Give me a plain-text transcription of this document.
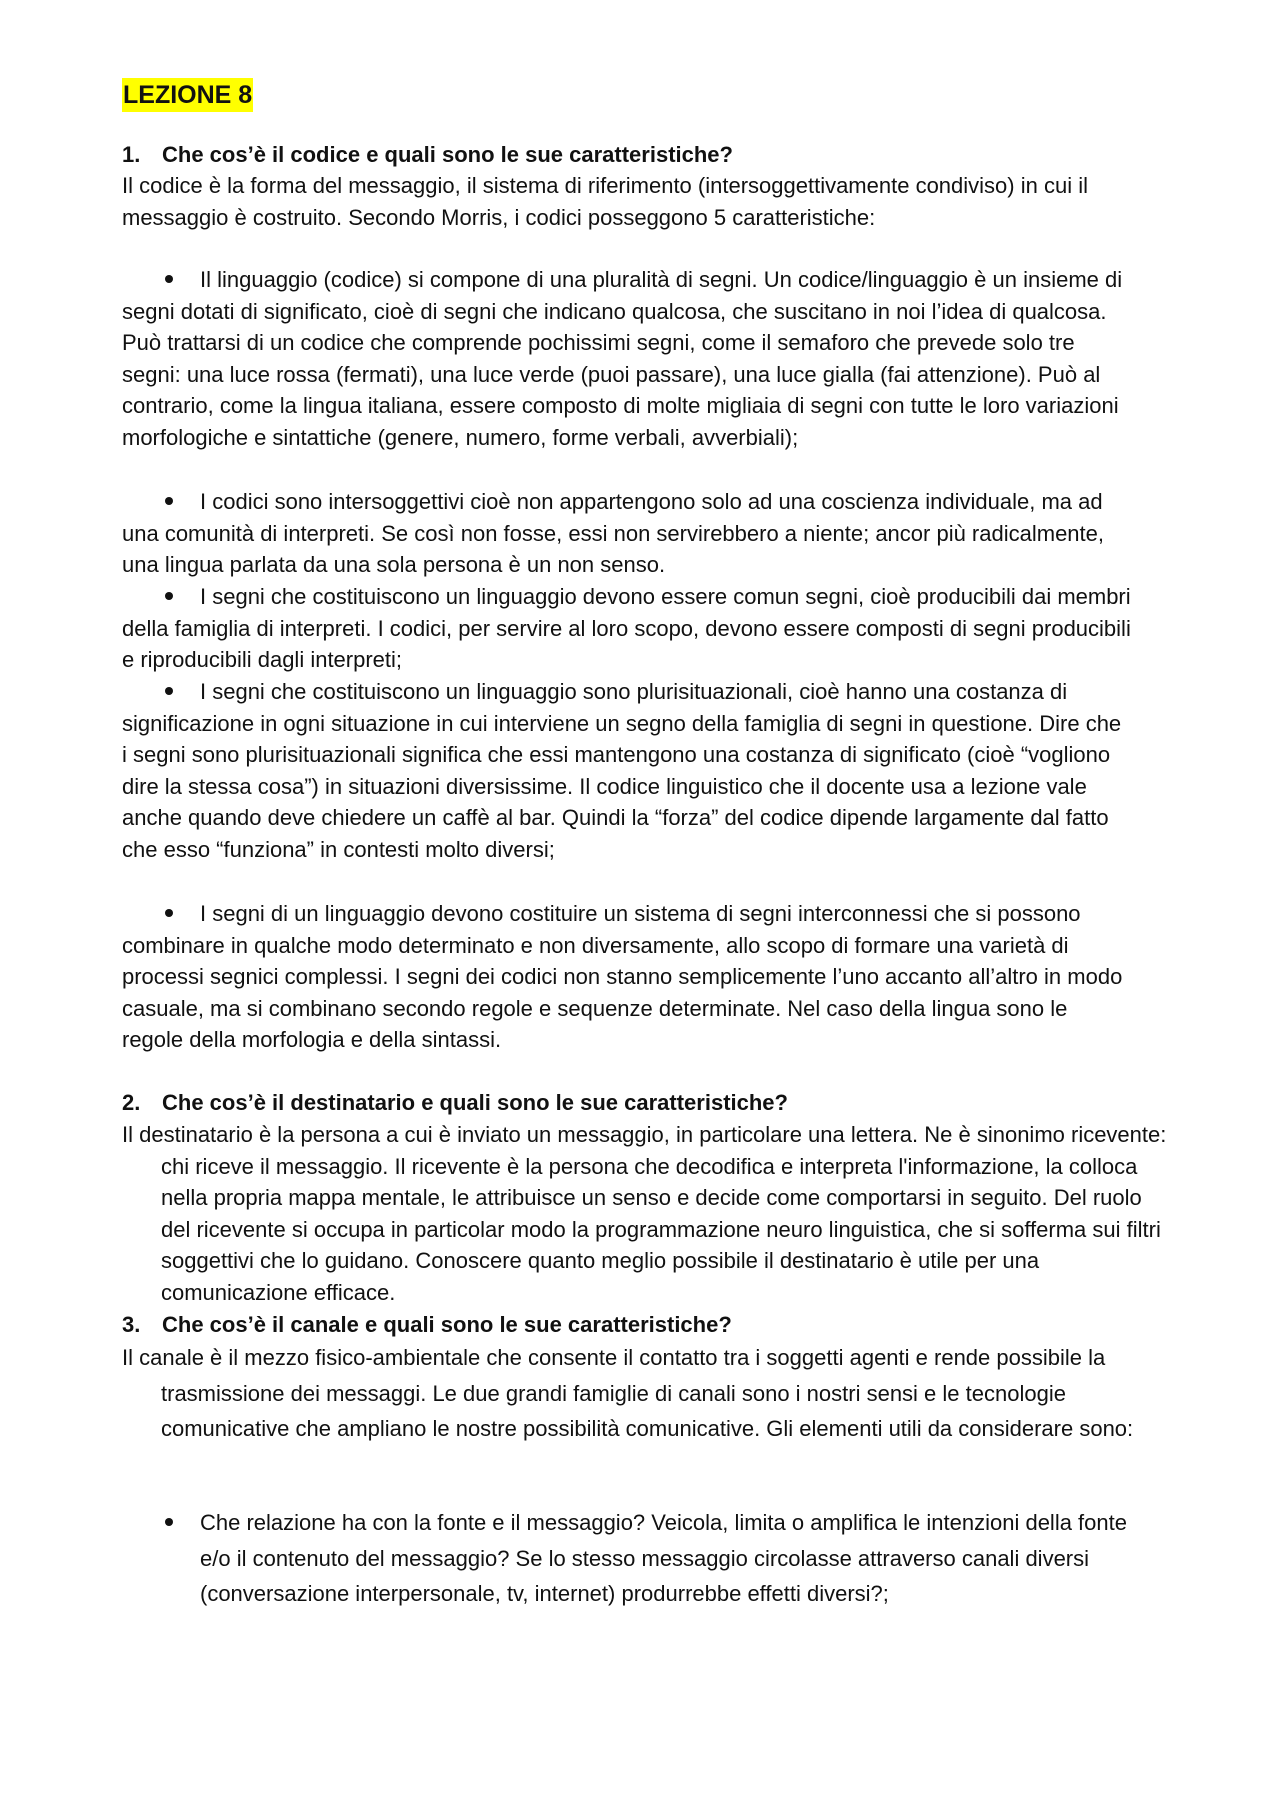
LEZIONE 8
1. Che cos’è il codice e quali sono le sue caratteristiche?

Il codice è la forma del messaggio, il sistema di riferimento (intersoggettivamente condiviso) in cui il messaggio è costruito. Secondo Morris, i codici posseggono 5 caratteristiche:

Il linguaggio (codice) si compone di una pluralità di segni. Un codice/linguaggio è un insieme di segni dotati di significato, cioè di segni che indicano qualcosa, che suscitano in noi l’idea di qualcosa. Può trattarsi di un codice che comprende pochissimi segni, come il semaforo che prevede solo tre segni: una luce rossa (fermati), una luce verde (puoi passare), una luce gialla (fai attenzione). Può al contrario, come la lingua italiana, essere composto di molte migliaia di segni con tutte le loro variazioni morfologiche e sintattiche (genere, numero, forme verbali, avverbiali);

I codici sono intersoggettivi cioè non appartengono solo ad una coscienza individuale, ma ad una comunità di interpreti. Se così non fosse, essi non servirebbero a niente; ancor più radicalmente, una lingua parlata da una sola persona è un non senso.

I segni che costituiscono un linguaggio devono essere comun segni, cioè producibili dai membri della famiglia di interpreti. I codici, per servire al loro scopo, devono essere composti di segni producibili e riproducibili dagli interpreti;

I segni che costituiscono un linguaggio sono plurisituazionali, cioè hanno una costanza di significazione in ogni situazione in cui interviene un segno della famiglia di segni in questione. Dire che i segni sono plurisituazionali significa che essi mantengono una costanza di significato (cioè “vogliono dire la stessa cosa”) in situazioni diversissime. Il codice linguistico che il docente usa a lezione vale anche quando deve chiedere un caffè al bar. Quindi la “forza” del codice dipende largamente dal fatto che esso “funziona” in contesti molto diversi;

I segni di un linguaggio devono costituire un sistema di segni interconnessi che si possono combinare in qualche modo determinato e non diversamente, allo scopo di formare una varietà di processi segnici complessi. I segni dei codici non stanno semplicemente l’uno accanto all’altro in modo casuale, ma si combinano secondo regole e sequenze determinate. Nel caso della lingua sono le regole della morfologia e della sintassi.

2. Che cos’è il destinatario e quali sono le sue caratteristiche?

Il destinatario è la persona a cui è inviato un messaggio, in particolare una lettera. Ne è sinonimo ricevente: chi riceve il messaggio. Il ricevente è la persona che decodifica e interpreta l'informazione, la colloca nella propria mappa mentale, le attribuisce un senso e decide come comportarsi in seguito. Del ruolo del ricevente si occupa in particolar modo la programmazione neuro linguistica, che si sofferma sui filtri soggettivi che lo guidano. Conoscere quanto meglio possibile il destinatario è utile per una comunicazione efficace.

3. Che cos’è il canale e quali sono le sue caratteristiche?

Il canale è il mezzo fisico-ambientale che consente il contatto tra i soggetti agenti e rende possibile la trasmissione dei messaggi. Le due grandi famiglie di canali sono i nostri sensi e le tecnologie comunicative che ampliano le nostre possibilità comunicative. Gli elementi utili da considerare sono:

Che relazione ha con la fonte e il messaggio? Veicola, limita o amplifica le intenzioni della fonte e/o il contenuto del messaggio? Se lo stesso messaggio circolasse attraverso canali diversi (conversazione interpersonale, tv, internet) produrrebbe effetti diversi?;
